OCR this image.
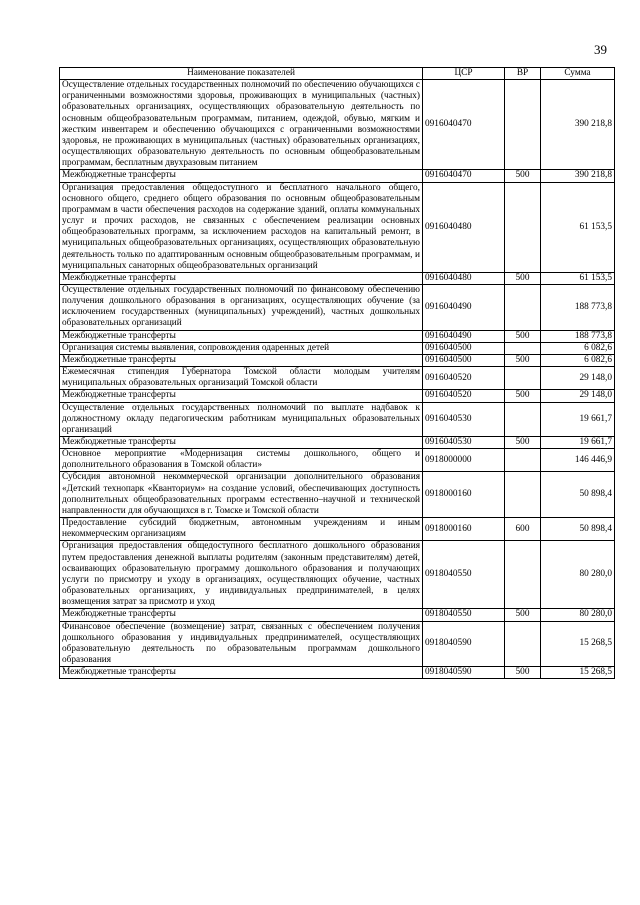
39
Наименование показателей	ЦСР	ВР	Сумма
Осуществление отдельных государственных полномочий по обеспечению обучающихся с ограниченными возможностями здоровья, проживающих в муниципальных (частных) образовательных организациях, осуществляющих образовательную деятельность по основным общеобразовательным программам, питанием, одеждой, обувью, мягким и жестким инвентарем и обеспечению обучающихся с ограниченными возможностями здоровья, не проживающих в муниципальных (частных) образовательных организациях, осуществляющих образовательную деятельность по основным общеобразовательным программам, бесплатным двухразовым питанием	0916040470		390 218,8
Межбюджетные трансферты	0916040470	500	390 218,8
Организация предоставления общедоступного и бесплатного начального общего, основного общего, среднего общего образования по основным общеобразовательным программам в части обеспечения расходов на содержание зданий, оплаты коммунальных услуг и прочих расходов, не связанных с обеспечением реализации основных общеобразовательных программ, за исключением расходов на капитальный ремонт, в муниципальных общеобразовательных организациях, осуществляющих образовательную деятельность только по адаптированным основным общеобразовательным программам, и муниципальных санаторных общеобразовательных организаций	0916040480		61 153,5
Межбюджетные трансферты	0916040480	500	61 153,5
Осуществление отдельных государственных полномочий по финансовому обеспечению получения дошкольного образования в организациях, осуществляющих обучение (за исключением государственных (муниципальных) учреждений), частных дошкольных образовательных организаций	0916040490		188 773,8
Межбюджетные трансферты	0916040490	500	188 773,8
Организация системы выявления, сопровождения одаренных детей	0916040500		6 082,6
Межбюджетные трансферты	0916040500	500	6 082,6
Ежемесячная стипендия Губернатора Томской области молодым учителям муниципальных образовательных организаций Томской области	0916040520		29 148,0
Межбюджетные трансферты	0916040520	500	29 148,0
Осуществление отдельных государственных полномочий по выплате надбавок к должностному окладу педагогическим работникам муниципальных образовательных организаций	0916040530		19 661,7
Межбюджетные трансферты	0916040530	500	19 661,7
Основное мероприятие «Модернизация системы дошкольного, общего и дополнительного образования в Томской области»	0918000000		146 446,9
Субсидия автономной некоммерческой организации дополнительного образования «Детский технопарк «Кванториум» на создание условий, обеспечивающих доступность дополнительных общеобразовательных программ естественно–научной и технической направленности для обучающихся в г. Томске и Томской области	0918000160		50 898,4
Предоставление субсидий бюджетным, автономным учреждениям и иным некоммерческим организациям	0918000160	600	50 898,4
Организация предоставления общедоступного бесплатного дошкольного образования путем предоставления денежной выплаты родителям (законным представителям) детей, осваивающих образовательную программу дошкольного образования и получающих услуги по присмотру и уходу в организациях, осуществляющих обучение, частных образовательных организациях, у индивидуальных предпринимателей, в целях возмещения затрат за присмотр и уход	0918040550		80 280,0
Межбюджетные трансферты	0918040550	500	80 280,0
Финансовое обеспечение (возмещение) затрат, связанных с обеспечением получения дошкольного образования у индивидуальных предпринимателей, осуществляющих образовательную деятельность по образовательным программам дошкольного образования	0918040590		15 268,5
Межбюджетные трансферты	0918040590	500	15 268,5
